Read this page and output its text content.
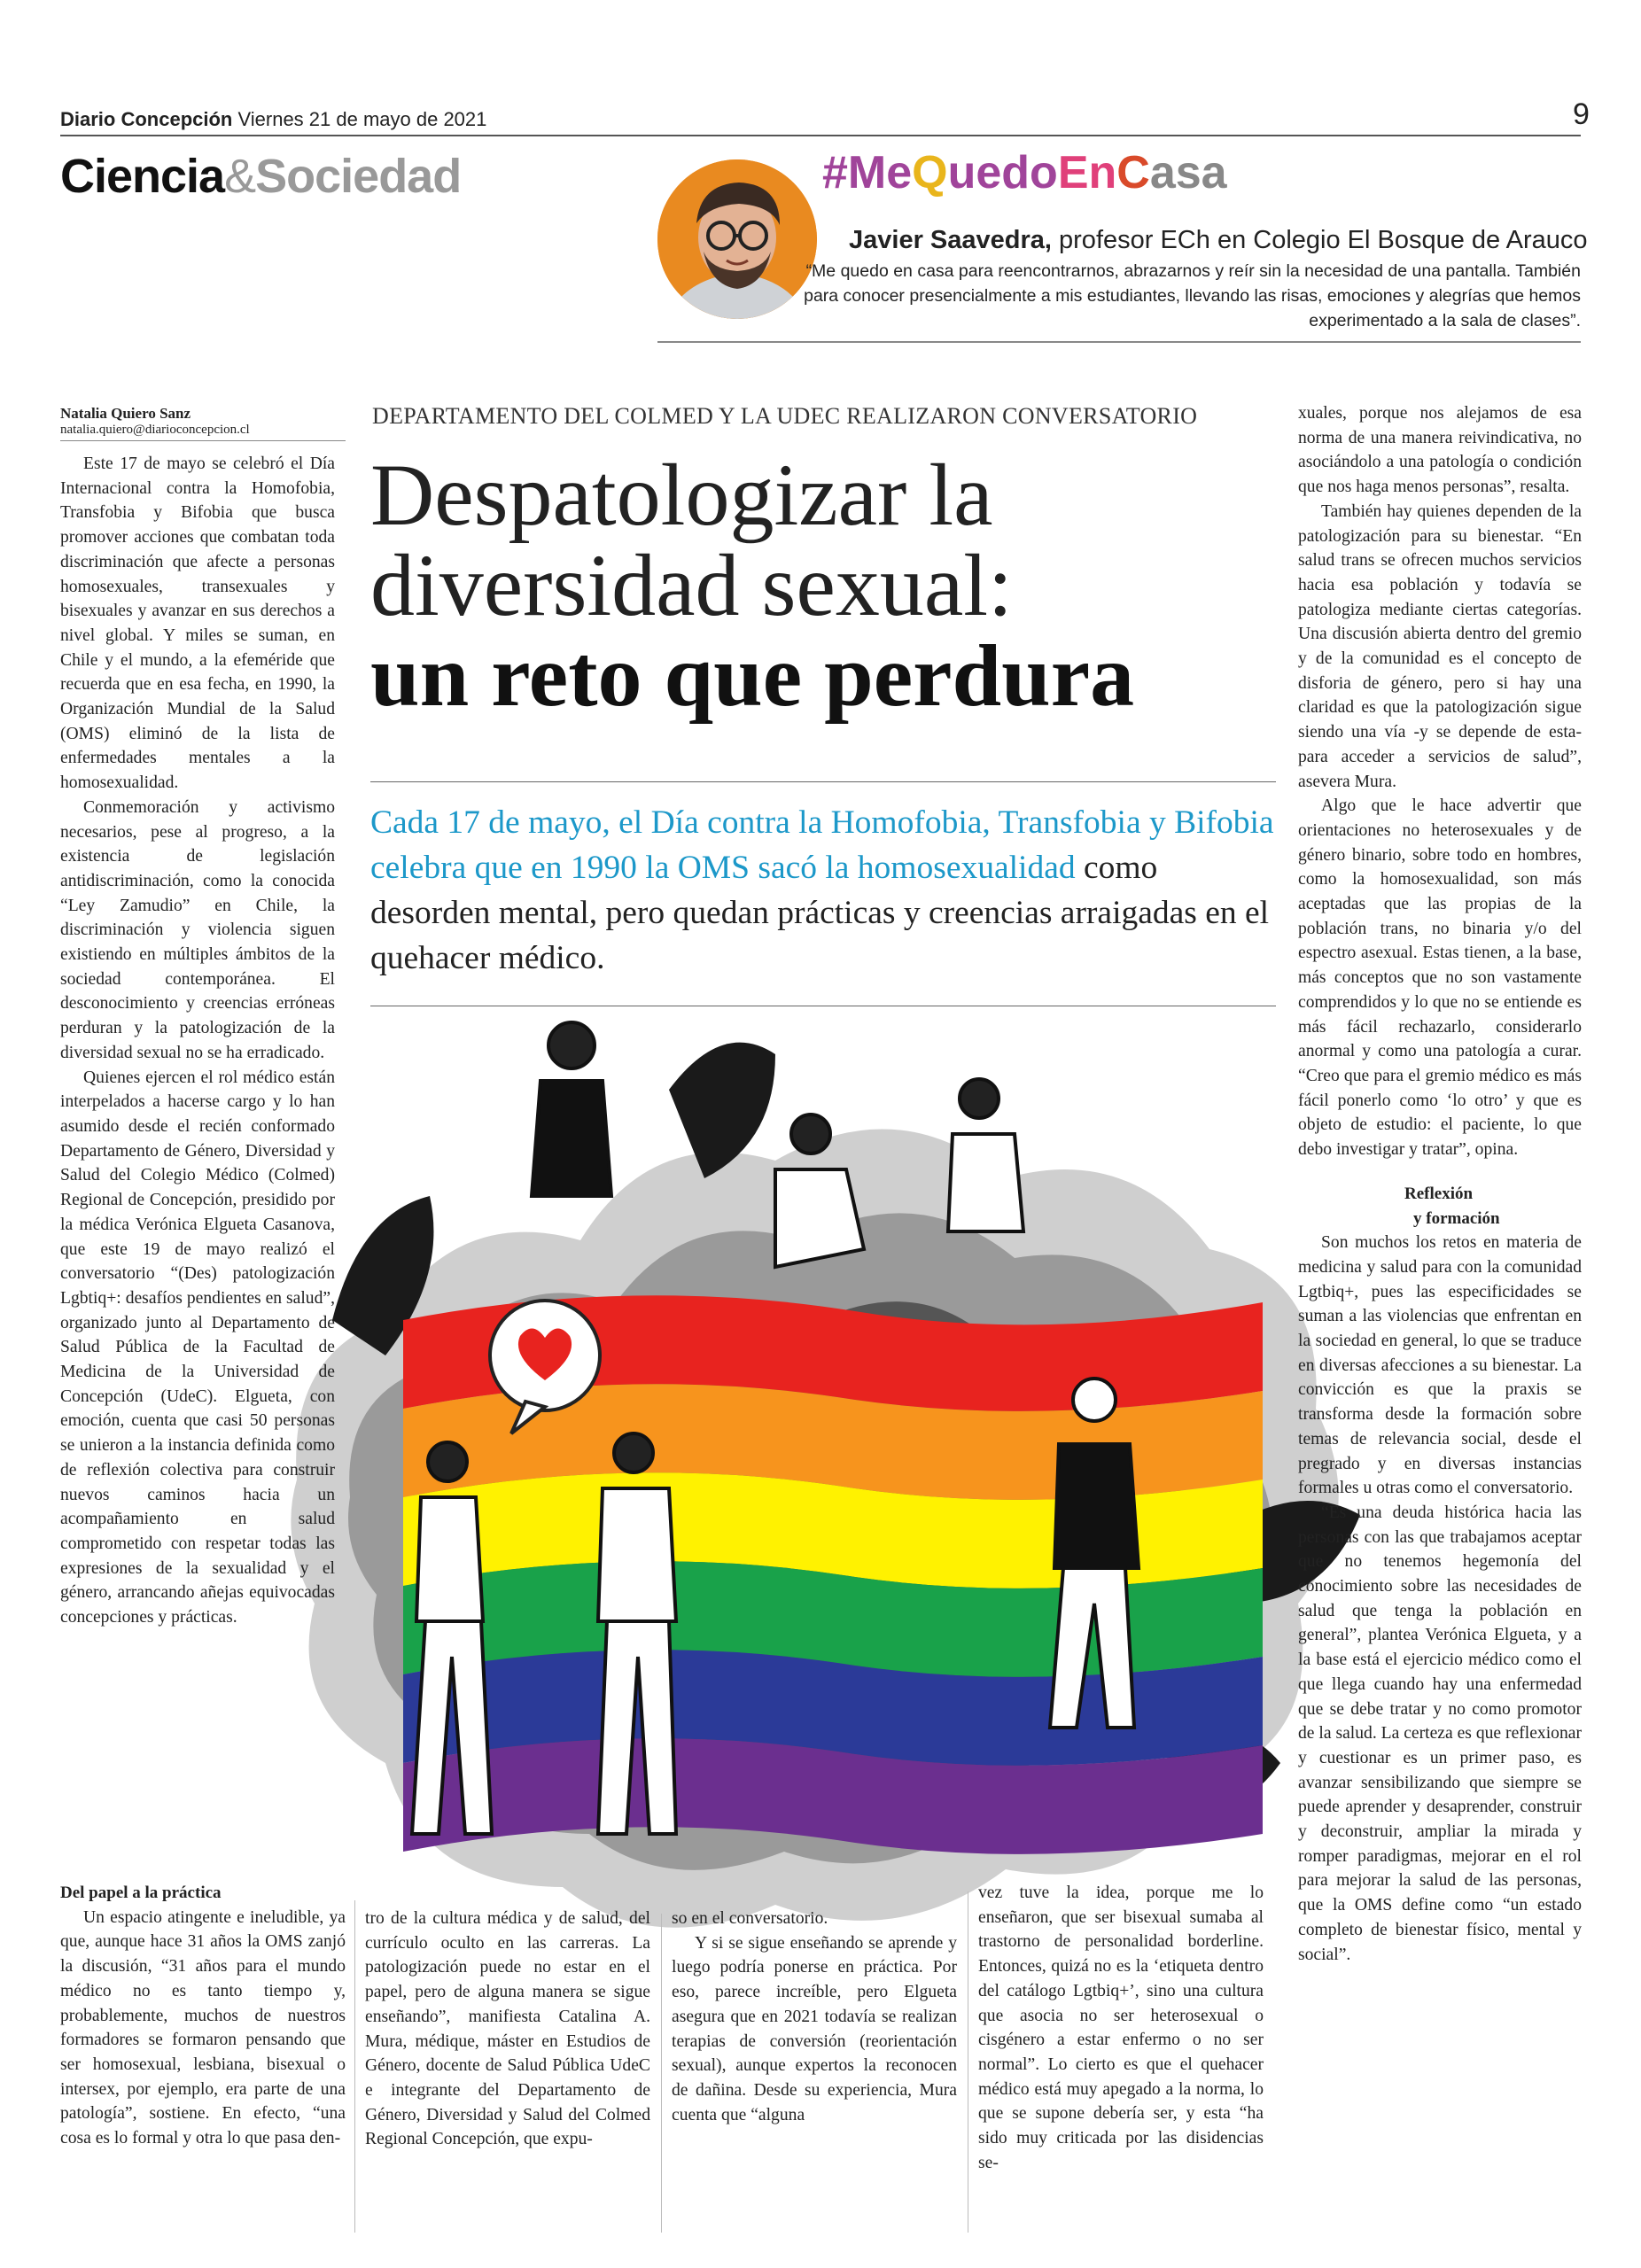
Diario Concepción Viernes 21 de mayo de 2021	9
Ciencia&Sociedad	#MeQuedoEnCasa
Javier Saavedra, profesor ECh en Colegio El Bosque de Arauco
“Me quedo en casa para reencontrarnos, abrazarnos y reír sin la necesidad de una pantalla. También para conocer presencialmente a mis estudiantes, llevando las risas, emociones y alegrías que hemos experimentado a la sala de clases”.
Natalia Quiero Sanz
natalia.quiero@diarioconcepcion.cl
DEPARTAMENTO DEL COLMED Y LA UDEC REALIZARON CONVERSATORIO
Despatologizar la
diversidad sexual:
un reto que perdura
Cada 17 de mayo, el Día contra la Homofobia, Transfobia y Bifobia celebra que en 1990 la OMS sacó la homosexualidad como desorden mental, pero quedan prácticas y creencias arraigadas en el quehacer médico.

Este 17 de mayo se celebró el Día Internacional contra la Homofobia, Transfobia y Bifobia que busca promover acciones que combatan toda discriminación que afecte a personas homosexuales, transexuales y bisexuales y avanzar en sus derechos a nivel global. Y miles se suman, en Chile y el mundo, a la efeméride que recuerda que en esa fecha, en 1990, la Organización Mundial de la Salud (OMS) eliminó de la lista de enfermedades mentales a la homosexualidad.

Conmemoración y activismo necesarios, pese al progreso, a la existencia de legislación antidiscriminación, como la conocida “Ley Zamudio” en Chile, la discriminación y violencia siguen existiendo en múltiples ámbitos de la sociedad contemporánea. El desconocimiento y creencias erróneas perduran y la patologización de la diversidad sexual no se ha erradicado.

Quienes ejercen el rol médico están interpelados a hacerse cargo y lo han asumido desde el recién conformado Departamento de Género, Diversidad y Salud del Colegio Médico (Colmed) Regional de Concepción, presidido por la médica Verónica Elgueta Casanova, que este 19 de mayo realizó el conversatorio “(Des) patologización Lgbtiq+: desafíos pendientes en salud”, organizado junto al Departamento de Salud Pública de la Facultad de Medicina de la Universidad de Concepción (UdeC). Elgueta, con emoción, cuenta que casi 50 personas se unieron a la instancia definida como de reflexión colectiva para construir nuevos caminos hacia un acompañamiento en salud comprometido con respetar todas las expresiones de la sexualidad y el género, arrancando añejas equivocadas concepciones y prácticas.

Del papel a la práctica

Un espacio atingente e ineludible, ya que, aunque hace 31 años la OMS zanjó la discusión, “31 años para el mundo médico no es tanto tiempo y, probablemente, muchos de nuestros formadores se formaron pensando que ser homosexual, lesbiana, bisexual o intersex, por ejemplo, era parte de una patología”, sostiene. En efecto, “una cosa es lo formal y otra lo que pasa den-

tro de la cultura médica y de salud, del currículo oculto en las carreras. La patologización puede no estar en el papel, pero de alguna manera se sigue enseñando”, manifiesta Catalina A. Mura, médique, máster en Estudios de Género, docente de Salud Pública UdeC e integrante del Departamento de Género, Diversidad y Salud del Colmed Regional Concepción, que expu-

so en el conversatorio.

Y si se sigue enseñando se aprende y luego podría ponerse en práctica. Por eso, parece increíble, pero Elgueta asegura que en 2021 todavía se realizan terapias de conversión (reorientación sexual), aunque expertos la reconocen de dañina. Desde su experiencia, Mura cuenta que “alguna

vez tuve la idea, porque me lo enseñaron, que ser bisexual sumaba al trastorno de personalidad borderline. Entonces, quizá no es la ‘etiqueta dentro del catálogo Lgtbiq+’, sino una cultura que asocia no ser heterosexual o cisgénero a estar enfermo o no ser normal”. Lo cierto es que el quehacer médico está muy apegado a la norma, lo que se supone debería ser, y esta “ha sido muy criticada por las disidencias se-

xuales, porque nos alejamos de esa norma de una manera reivindicativa, no asociándolo a una patología o condición que nos haga menos personas”, resalta.

También hay quienes dependen de la patologización para su bienestar. “En salud trans se ofrecen muchos servicios hacia esa población y todavía se patologiza mediante ciertas categorías. Una discusión abierta dentro del gremio y de la comunidad es el concepto de disforia de género, pero si hay una claridad es que la patologización sigue siendo una vía -y se depende de esta- para acceder a servicios de salud”, asevera Mura.

Algo que le hace advertir que orientaciones no heterosexuales y de género binario, sobre todo en hombres, como la homosexualidad, son más aceptadas que las propias de la población trans, no binaria y/o del espectro asexual. Estas tienen, a la base, más conceptos que no son vastamente comprendidos y lo que no se entiende es más fácil rechazarlo, considerarlo anormal y como una patología a curar. “Creo que para el gremio médico es más fácil ponerlo como ‘lo otro’ y que es objeto de estudio: el paciente, lo que debo investigar y tratar”, opina.

Reflexión
y formación

Son muchos los retos en materia de medicina y salud para con la comunidad Lgtbiq+, pues las especificidades se suman a las violencias que enfrentan en la sociedad en general, lo que se traduce en diversas afecciones a su bienestar. La convicción es que la praxis se transforma desde la formación sobre temas de relevancia social, desde el pregrado y en diversas instancias formales u otras como el conversatorio.

“Es una deuda histórica hacia las personas con las que trabajamos aceptar que no tenemos hegemonía del conocimiento sobre las necesidades de salud que tenga la población en general”, plantea Verónica Elgueta, y a la base está el ejercicio médico como el que llega cuando hay una enfermedad que se debe tratar y no como promotor de la salud. La certeza es que reflexionar y cuestionar es un primer paso, es avanzar sensibilizando que siempre se puede aprender y desaprender, construir y deconstruir, ampliar la mirada y romper paradigmas, mejorar en el rol para mejorar la salud de las personas, que la OMS define como “un estado completo de bienestar físico, mental y social”.
